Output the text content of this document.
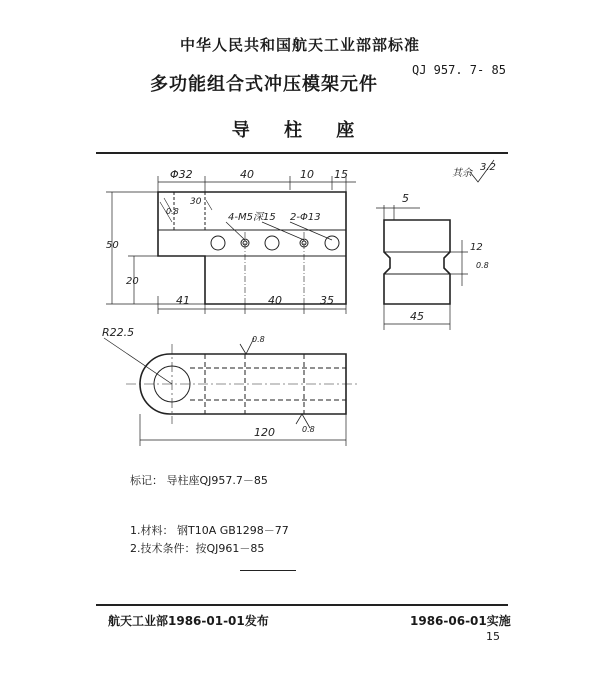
中华人民共和国航天工业部部标准
多功能组合式冲压模架元件
QJ 957. 7- 85
导 柱 座
Φ32	40	10 15
30
4-M5深15 2-Φ13
5
12
0.8
50
20
41	40	35
45
R22.5
120
0.8
0.8
0.8
其余
3.2
标记： 导柱座QJ957.7－85
1.材料： 钢T10A GB1298－77
2.技术条件：按QJ961－85
航天工业部1986-01-01发布	1986-06-01实施
15
